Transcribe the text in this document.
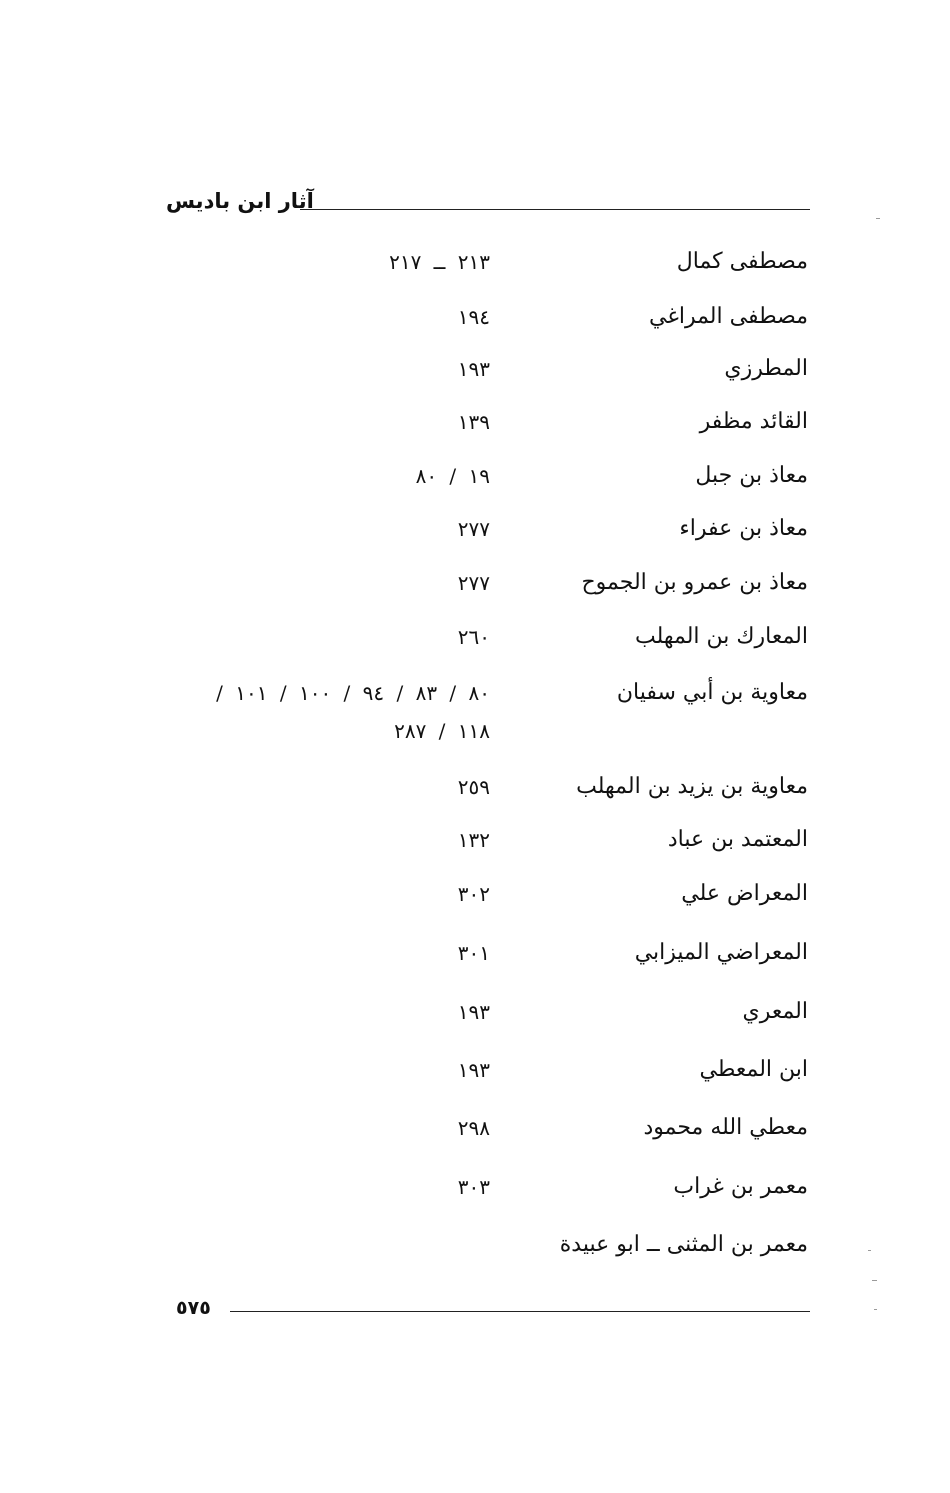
آثار ابن باديس
مصطفى كمال
٢١٣ ــ ٢١٧
مصطفى المراغي
١٩٤
المطرزي
١٩٣
القائد مظفر
١٣٩
معاذ بن جبل
١٩ / ٨٠
معاذ بن عفراء
٢٧٧
معاذ بن عمرو بن الجموح
٢٧٧
المعارك بن المهلب
٢٦٠
معاوية بن أبي سفيان
٨٠ / ٨٣ / ٩٤ / ١٠٠ / ١٠١ /
١١٨ / ٢٨٧
معاوية بن يزيد بن المهلب
٢٥٩
المعتمد بن عباد
١٣٢
المعراض علي
٣٠٢
المعراضي الميزابي
٣٠١
المعري
١٩٣
ابن المعطي
١٩٣
معطي الله محمود
٢٩٨
معمر بن غراب
٣٠٣
معمر بن المثنى ــ ابو عبيدة
٥٧٥
